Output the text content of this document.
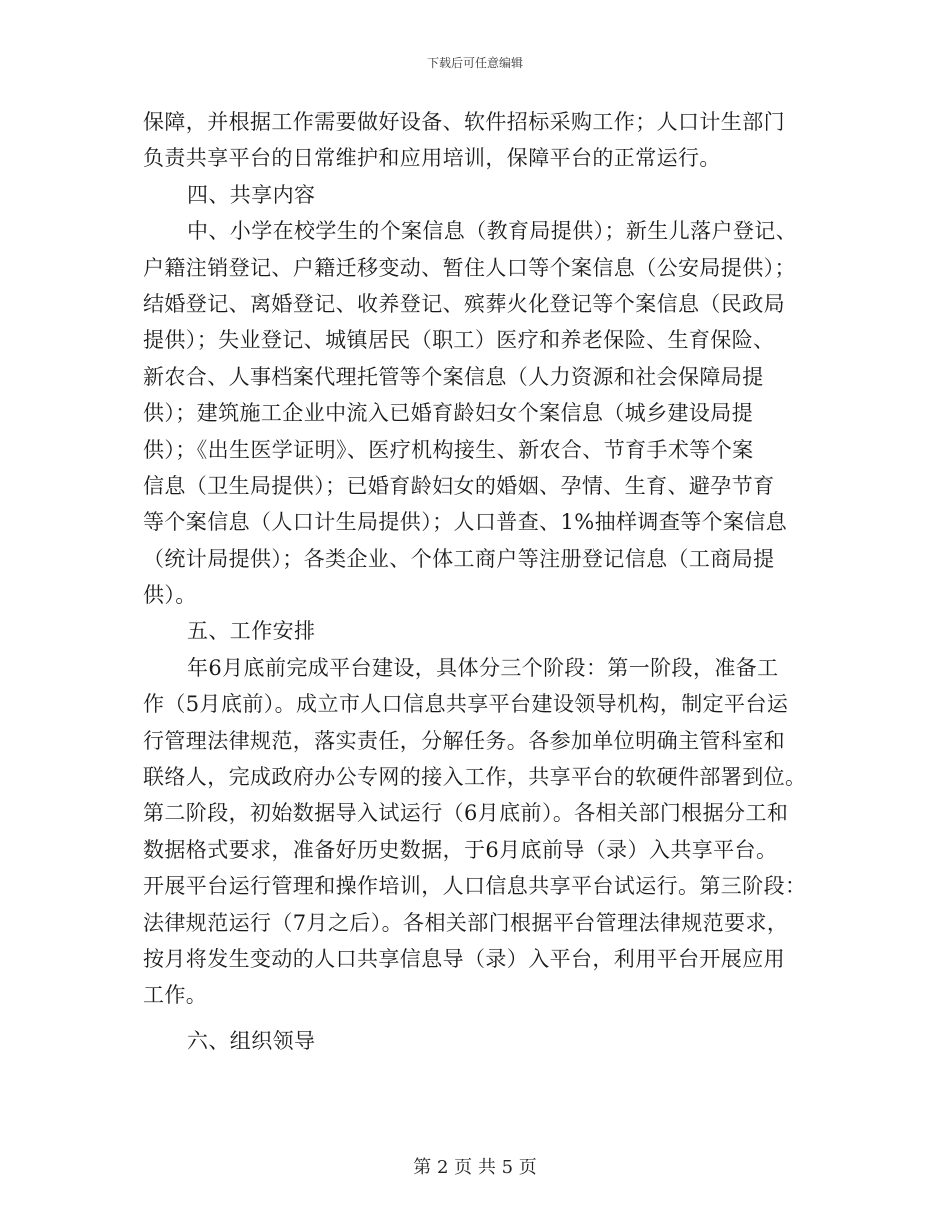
下载后可任意编辑
保障，并根据工作需要做好设备、软件招标采购工作；人口计生部门
负责共享平台的日常维护和应用培训，保障平台的正常运行。
四、共享内容
中、小学在校学生的个案信息（教育局提供）；新生儿落户登记、
户籍注销登记、户籍迁移变动、暂住人口等个案信息（公安局提供）；
结婚登记、离婚登记、收养登记、殡葬火化登记等个案信息（民政局
提供）；失业登记、城镇居民（职工）医疗和养老保险、生育保险、
新农合、人事档案代理托管等个案信息（人力资源和社会保障局提
供）；建筑施工企业中流入已婚育龄妇女个案信息（城乡建设局提
供）；《出生医学证明》、医疗机构接生、新农合、节育手术等个案
信息（卫生局提供）；已婚育龄妇女的婚姻、孕情、生育、避孕节育
等个案信息（人口计生局提供）；人口普查、1%抽样调查等个案信息
（统计局提供）；各类企业、个体工商户等注册登记信息（工商局提
供）。
五、工作安排
年6月底前完成平台建设，具体分三个阶段：第一阶段，准备工
作（5月底前）。成立市人口信息共享平台建设领导机构，制定平台运
行管理法律规范，落实责任，分解任务。各参加单位明确主管科室和
联络人，完成政府办公专网的接入工作，共享平台的软硬件部署到位。
第二阶段，初始数据导入试运行（6月底前）。各相关部门根据分工和
数据格式要求，准备好历史数据，于6月底前导（录）入共享平台。
开展平台运行管理和操作培训，人口信息共享平台试运行。第三阶段：
法律规范运行（7月之后）。各相关部门根据平台管理法律规范要求，
按月将发生变动的人口共享信息导（录）入平台，利用平台开展应用
工作。
六、组织领导
第 2 页 共 5 页
